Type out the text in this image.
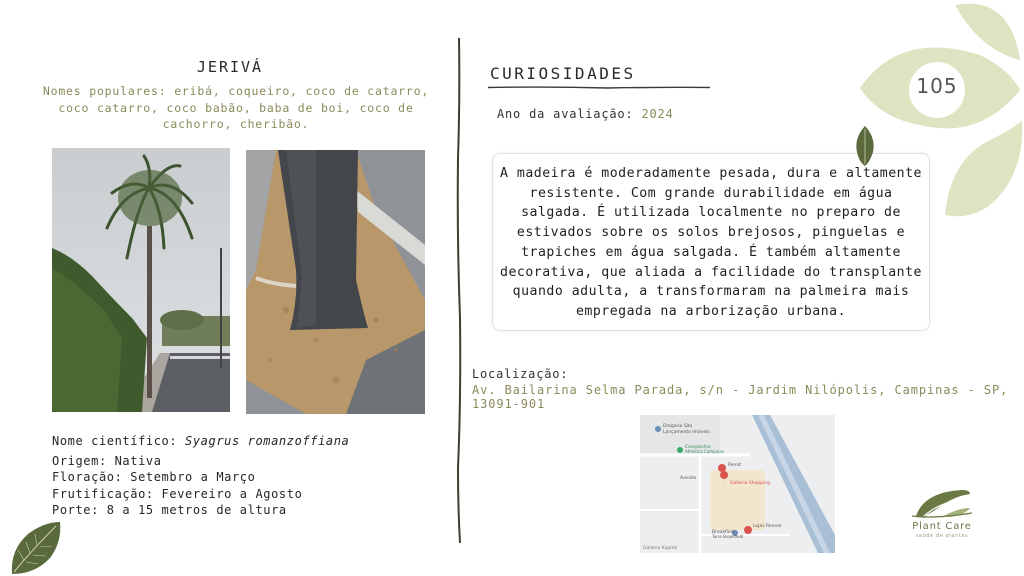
JERIVÁ
Nomes populares: eribá, coqueiro, coco de catarro, coco catarro, coco babão, baba de boi, coco de cachorro, cheribão.
Nome científico: Syagrus romanzoffiana
Origem: Nativa
Floração: Setembro a Março
Frutificação: Fevereiro a Agosto
Porte: 8 a 15 metros de altura
CURIOSIDADES
Ano da avaliação: 2024
A madeira é moderadamente pesada, dura e altamente resistente. Com grande durabilidade em água salgada. É utilizada localmente no preparo de estivados sobre os solos brejosos, pinguelas e trapiches em água salgada. É também altamente decorativa, que aliada a facilidade do transplante quando adulta, a transformaram na palmeira mais empregada na arborização urbana.
Localização:
Av. Bailarina Selma Parada, s/n - Jardim Nilópolis, Campinas - SP, 13091-901
Drogaria São
Lançamento imóveis
Companhia
Athletica Campinas
Pernit
Galleria Shopping
Lojas Renner
Brookfield
Torre Brookfield
Avenida
Galleria Kapital
105
Plant Care
saúde de plantas
